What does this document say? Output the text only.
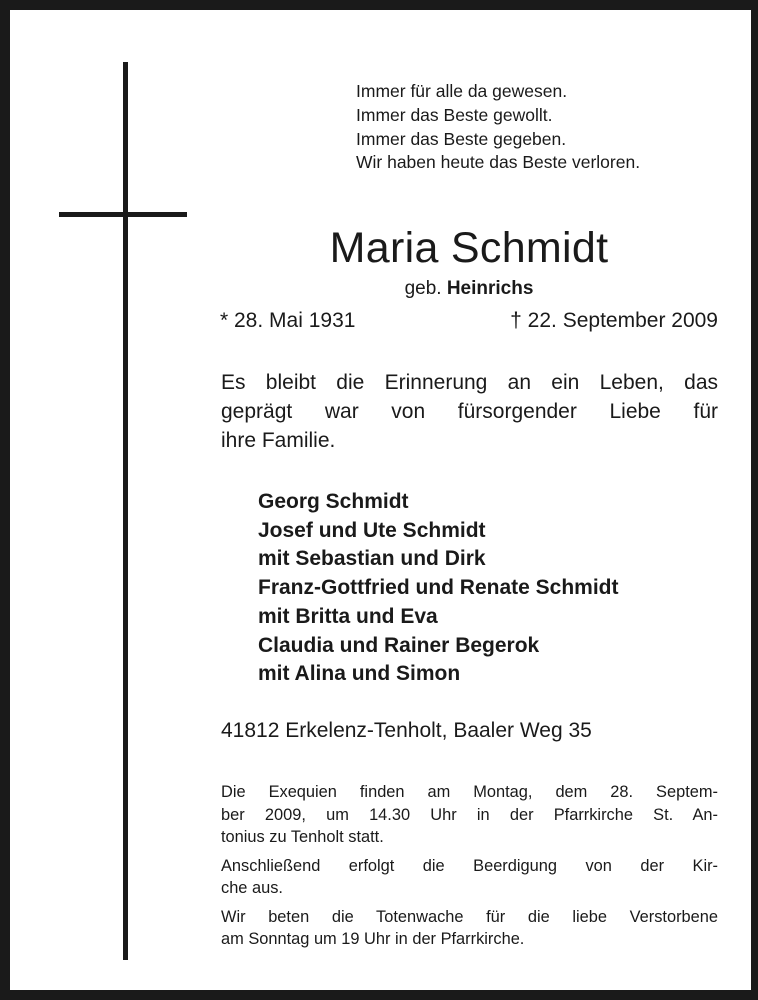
Immer für alle da gewesen.
Immer das Beste gewollt.
Immer das Beste gegeben.
Wir haben heute das Beste verloren.
Maria Schmidt
geb. Heinrichs
* 28. Mai 1931	† 22. September 2009
Es bleibt die Erinnerung an ein Leben, das
geprägt war von fürsorgender Liebe für
ihre Familie.
Georg Schmidt
Josef und Ute Schmidt
mit Sebastian und Dirk
Franz-Gottfried und Renate Schmidt
mit Britta und Eva
Claudia und Rainer Begerok
mit Alina und Simon
41812 Erkelenz-Tenholt, Baaler Weg 35
Die Exequien finden am Montag, dem 28. Septem-
ber 2009, um 14.30 Uhr in der Pfarrkirche St. An-
tonius zu Tenholt statt.
Anschließend erfolgt die Beerdigung von der Kir-
che aus.
Wir beten die Totenwache für die liebe Verstorbene
am Sonntag um 19 Uhr in der Pfarrkirche.
